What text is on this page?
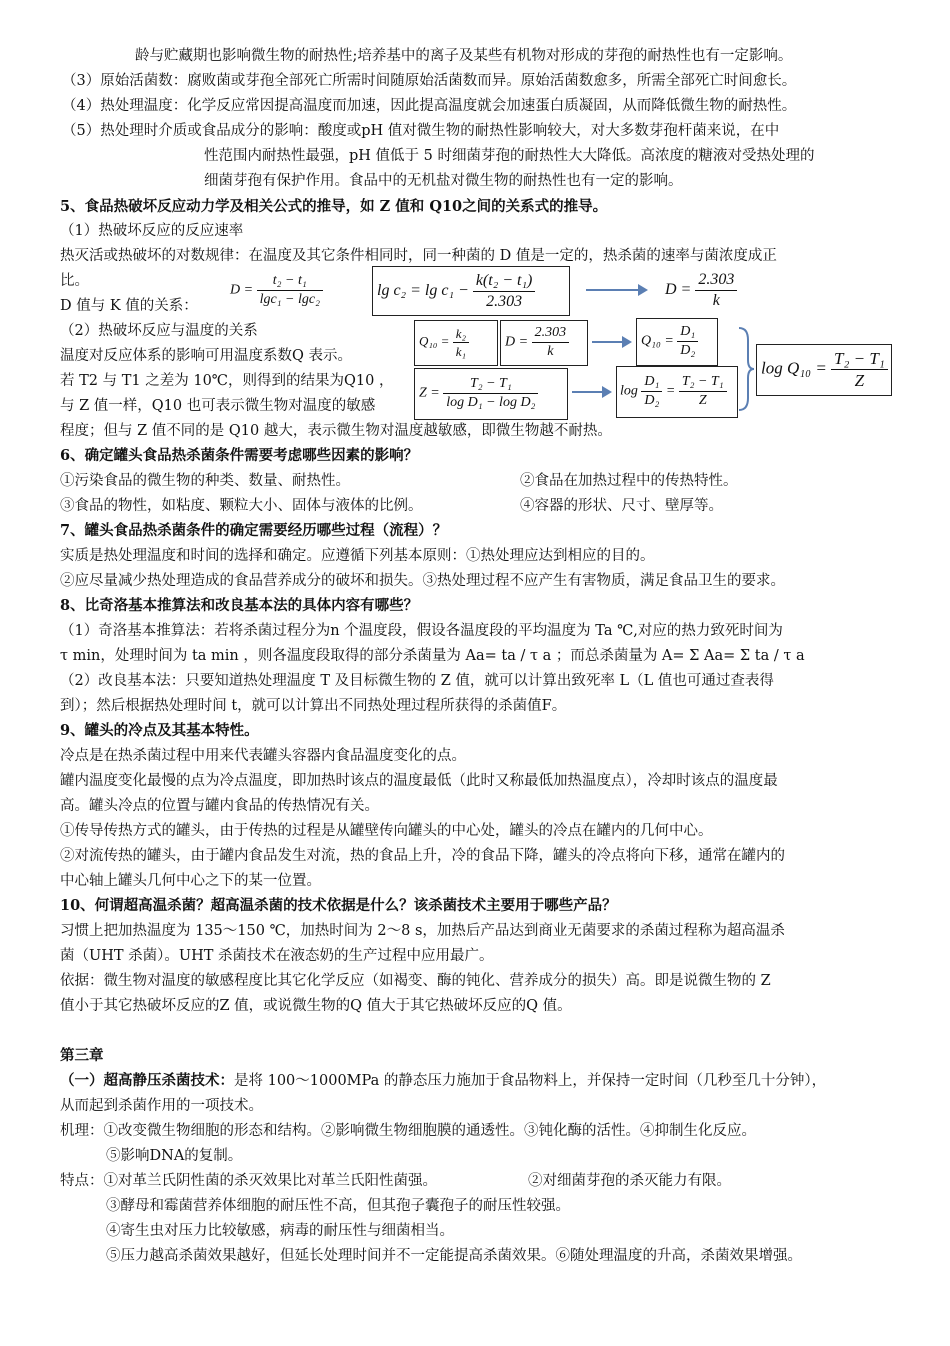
龄与贮藏期也影响微生物的耐热性;培养基中的离子及某些有机物对形成的芽孢的耐热性也有一定影响。
（3）原始活菌数：腐败菌或芽孢全部死亡所需时间随原始活菌数而异。原始活菌数愈多，所需全部死亡时间愈长。
（4）热处理温度：化学反应常因提高温度而加速，因此提高温度就会加速蛋白质凝固，从而降低微生物的耐热性。
（5）热处理时介质或食品成分的影响：酸度或pH 值对微生物的耐热性影响较大，对大多数芽孢杆菌来说，在中
性范围内耐热性最强，pH 值低于 5 时细菌芽孢的耐热性大大降低。高浓度的糖液对受热处理的
细菌芽孢有保护作用。食品中的无机盐对微生物的耐热性也有一定的影响。
5、食品热破坏反应动力学及相关公式的推导，如 Z 值和 Q10之间的关系式的推导。
（1）热破坏反应的反应速率
热灭活或热破坏的对数规律：在温度及其它条件相同时，同一种菌的 D 值是一定的，热杀菌的速率与菌浓度成正
比。
$D = \frac{\text{t₂ − t₁}}{\text{lgc₁ − lgc₂}}$	$\lg c_2 = \lg c_1 - \frac{\text{k(t₂ − t₁)}}{2.303}$	$D = \frac{2.303}{k}$
D 值与 K 值的关系：
（2）热破坏反应与温度的关系
温度对反应体系的影响可用温度系数Q 表示。
若 T2 与 T1 之差为 10℃，则得到的结果为Q10 ，
与 Z 值一样，Q10 也可表示微生物对温度的敏感
程度；但与 Z 值不同的是 Q10 越大，表示微生物对温度越敏感，即微生物越不耐热。
$Q_{10} = \frac{\text{k₂}}{\text{k₁}}$	$D = \frac{2.303}{k}$	$Q_{10} = \frac{\text{D₁}}{\text{D₂}}$
$Z = \frac{\text{T₂ − T₁}}{\text{log D₁ − log D₂}}$	$\log \frac{\text{D₁}}{\text{D₂}} = \frac{\text{T₂ − T₁}}{Z}$
$\log Q_{10} = \frac{\text{T₂ − T₁}}{Z}$
6、确定罐头食品热杀菌条件需要考虑哪些因素的影响？
①污染食品的微生物的种类、数量、耐热性。	②食品在加热过程中的传热特性。
③食品的物性，如粘度、颗粒大小、固体与液体的比例。	④容器的形状、尺寸、壁厚等。
7、罐头食品热杀菌条件的确定需要经历哪些过程（流程）？
实质是热处理温度和时间的选择和确定。应遵循下列基本原则：①热处理应达到相应的目的。
②应尽量减少热处理造成的食品营养成分的破坏和损失。③热处理过程不应产生有害物质，满足食品卫生的要求。
8、比奇洛基本推算法和改良基本法的具体内容有哪些？
（1）奇洛基本推算法：若将杀菌过程分为n 个温度段，假设各温度段的平均温度为 Ta ℃,对应的热力致死时间为
τ min，处理时间为 ta min ，则各温度段取得的部分杀菌量为 Aa= ta / τ a ；而总杀菌量为 A= Σ Aa= Σ ta / τ a
（2）改良基本法：只要知道热处理温度 T 及目标微生物的 Z 值，就可以计算出致死率 L（L 值也可通过查表得
到）；然后根据热处理时间 t，就可以计算出不同热处理过程所获得的杀菌值F。
9、罐头的冷点及其基本特性。
冷点是在热杀菌过程中用来代表罐头容器内食品温度变化的点。
罐内温度变化最慢的点为冷点温度，即加热时该点的温度最低（此时又称最低加热温度点），冷却时该点的温度最
高。罐头冷点的位置与罐内食品的传热情况有关。
①传导传热方式的罐头，由于传热的过程是从罐壁传向罐头的中心处，罐头的冷点在罐内的几何中心。
②对流传热的罐头，由于罐内食品发生对流，热的食品上升，冷的食品下降，罐头的冷点将向下移，通常在罐内的
中心轴上罐头几何中心之下的某一位置。
10、何谓超高温杀菌？超高温杀菌的技术依据是什么？该杀菌技术主要用于哪些产品？
习惯上把加热温度为 135～150 ℃，加热时间为 2～8 s，加热后产品达到商业无菌要求的杀菌过程称为超高温杀
菌（UHT 杀菌）。UHT 杀菌技术在液态奶的生产过程中应用最广。
依据：微生物对温度的敏感程度比其它化学反应（如褐变、酶的钝化、营养成分的损失）高。即是说微生物的 Z
值小于其它热破坏反应的Z 值，或说微生物的Q 值大于其它热破坏反应的Q 值。
第三章
（一）超高静压杀菌技术：是将 100～1000MPa 的静态压力施加于食品物料上，并保持一定时间（几秒至几十分钟），
从而起到杀菌作用的一项技术。
机理：①改变微生物细胞的形态和结构。②影响微生物细胞膜的通透性。③钝化酶的活性。④抑制生化反应。
⑤影响DNA的复制。
特点：①对革兰氏阴性菌的杀灭效果比对革兰氏阳性菌强。	②对细菌芽孢的杀灭能力有限。
③酵母和霉菌营养体细胞的耐压性不高，但其孢子囊孢子的耐压性较强。
④寄生虫对压力比较敏感，病毒的耐压性与细菌相当。
⑤压力越高杀菌效果越好，但延长处理时间并不一定能提高杀菌效果。⑥随处理温度的升高，杀菌效果增强。
